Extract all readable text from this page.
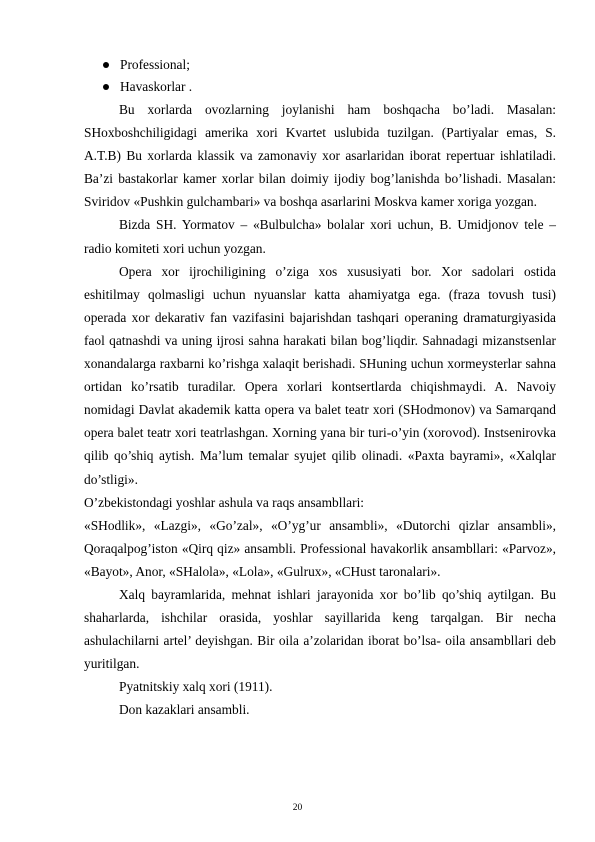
Professional;
Havaskorlar .

Bu xorlarda ovozlarning joylanishi ham boshqacha bo’ladi. Masalan: SHoxboshchiligidagi amerika xori Kvartet uslubida tuzilgan. (Partiyalar emas, S. A.T.B) Bu xorlarda klassik va zamonaviy xor asarlaridan iborat repertuar ishlatiladi. Ba’zi bastakorlar kamer xorlar bilan doimiy ijodiy bog’lanishda bo’lishadi. Masalan: Sviridov «Pushkin gulchambari» va boshqa asarlarini Moskva kamer xoriga yozgan.

Bizda SH. Yormatov – «Bulbulcha» bolalar xori uchun, B. Umidjonov tele – radio komiteti xori uchun yozgan.

Opera xor ijrochiligining o’ziga xos xususiyati bor. Xor sadolari ostida eshitilmay qolmasligi uchun nyuanslar katta ahamiyatga ega. (fraza tovush tusi) operada xor dekarativ fan vazifasini bajarishdan tashqari operaning dramaturgiyasida faol qatnashdi va uning ijrosi sahna harakati bilan bog’liqdir. Sahnadagi mizanstsenlar xonandalarga raxbarni ko’rishga xalaqit berishadi. SHuning uchun xormeysterlar sahna ortidan ko’rsatib turadilar. Opera xorlari kontsertlarda chiqishmaydi. A. Navoiy nomidagi Davlat akademik katta opera va balet teatr xori (SHodmonov) va Samarqand opera balet teatr xori teatrlashgan. Xorning yana bir turi-o’yin (xorovod). Instsenirovka qilib qo’shiq aytish. Ma’lum temalar syujet qilib olinadi. «Paxta bayrami», «Xalqlar do’stligi».

O’zbekistondagi yoshlar ashula va raqs ansambllari:

«SHodlik», «Lazgi», «Go’zal», «O’yg’ur ansambli», «Dutorchi qizlar ansambli», Qoraqalpog’iston «Qirq qiz» ansambli. Professional havakorlik ansambllari: «Parvoz», «Bayot», Anor, «SHalola», «Lola», «Gulrux», «CHust taronalari».

Xalq bayramlarida, mehnat ishlari jarayonida xor bo’lib qo’shiq aytilgan. Bu shaharlarda, ishchilar orasida, yoshlar sayillarida keng tarqalgan. Bir necha ashulachilarni artel’ deyishgan. Bir oila a’zolaridan iborat bo’lsa- oila ansambllari deb yuritilgan.

Pyatnitskiy xalq xori (1911).

Don kazaklari ansambli.

20
